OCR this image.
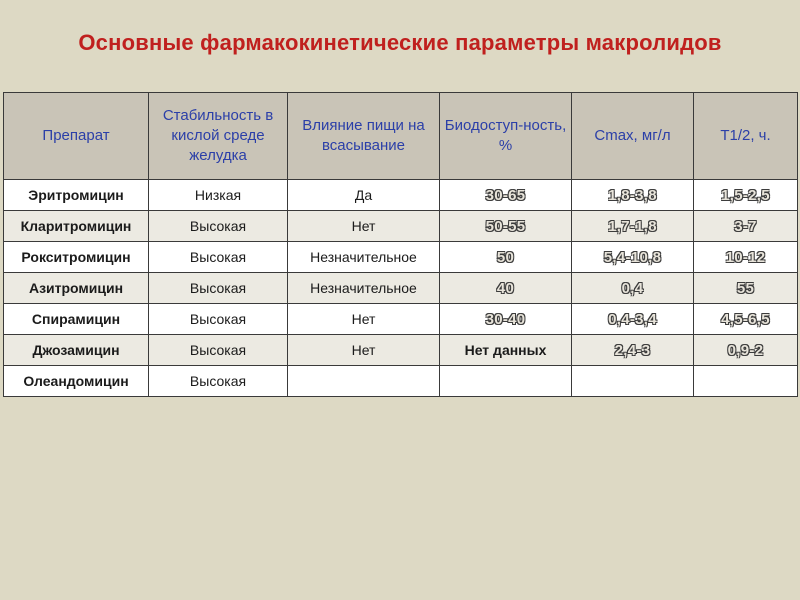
Основные фармакокинетические параметры макролидов
Препарат	Стабильность в кислой среде желудка	Влияние пищи на всасывание	Биодоступ-ность, %	Cmax, мг/л	Т1/2, ч.
Эритромицин	Низкая	Да	30-65	1,8-3,8	1,5-2,5
Кларитромицин	Высокая	Нет	50-55	1,7-1,8	3-7
Рокситромицин	Высокая	Незначительное	50	5,4-10,8	10-12
Азитромицин	Высокая	Незначительное	40	0,4	55
Спирамицин	Высокая	Нет	30-40	0,4-3,4	4,5-6,5
Джозамицин	Высокая	Нет	Нет данных	2,4-3	0,9-2
Олеандомицин	Высокая				
